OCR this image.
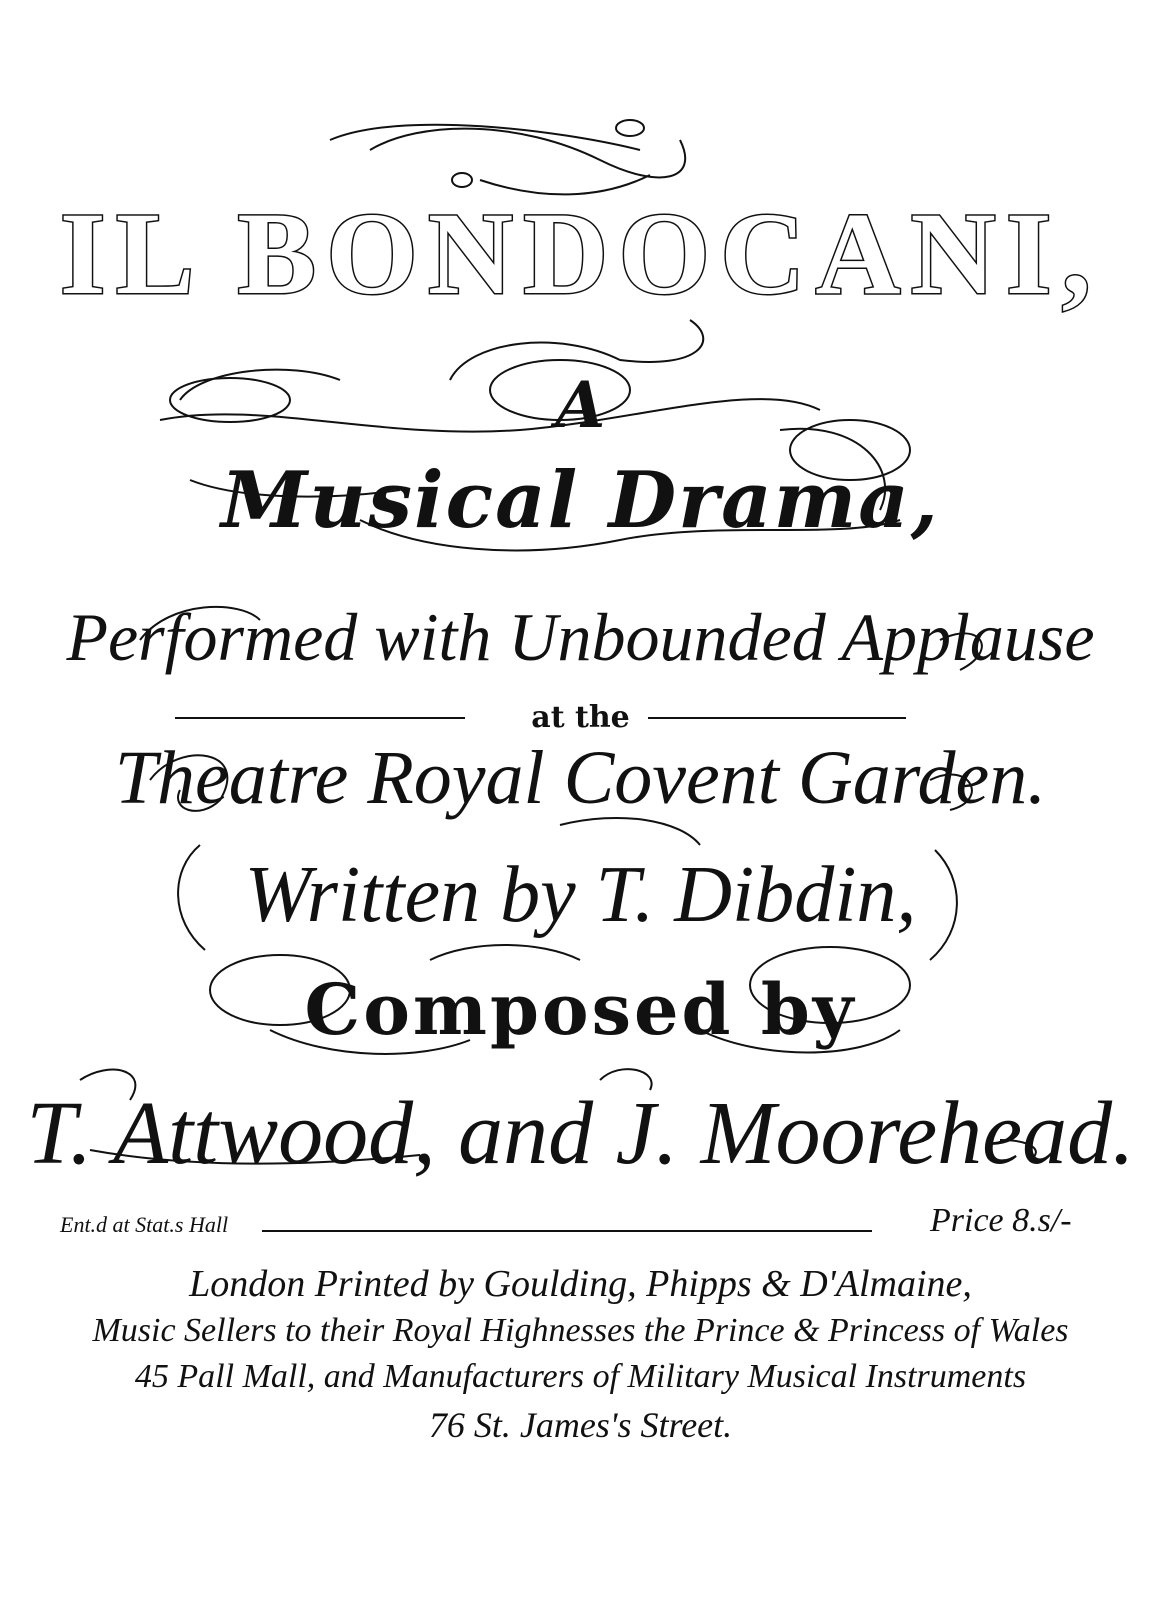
IL BONDOCANI,
A
Musical Drama,
Performed with Unbounded Applause
at the
Theatre Royal Covent Garden.
Written by T. Dibdin,
Composed by
T. Attwood, and J. Moorehead.
Ent.d at Stat.s Hall	Price 8.s/-
London Printed by Goulding, Phipps & D'Almaine,
Music Sellers to their Royal Highnesses the Prince & Princess of Wales
45 Pall Mall, and Manufacturers of Military Musical Instruments
76 St. James's Street.
